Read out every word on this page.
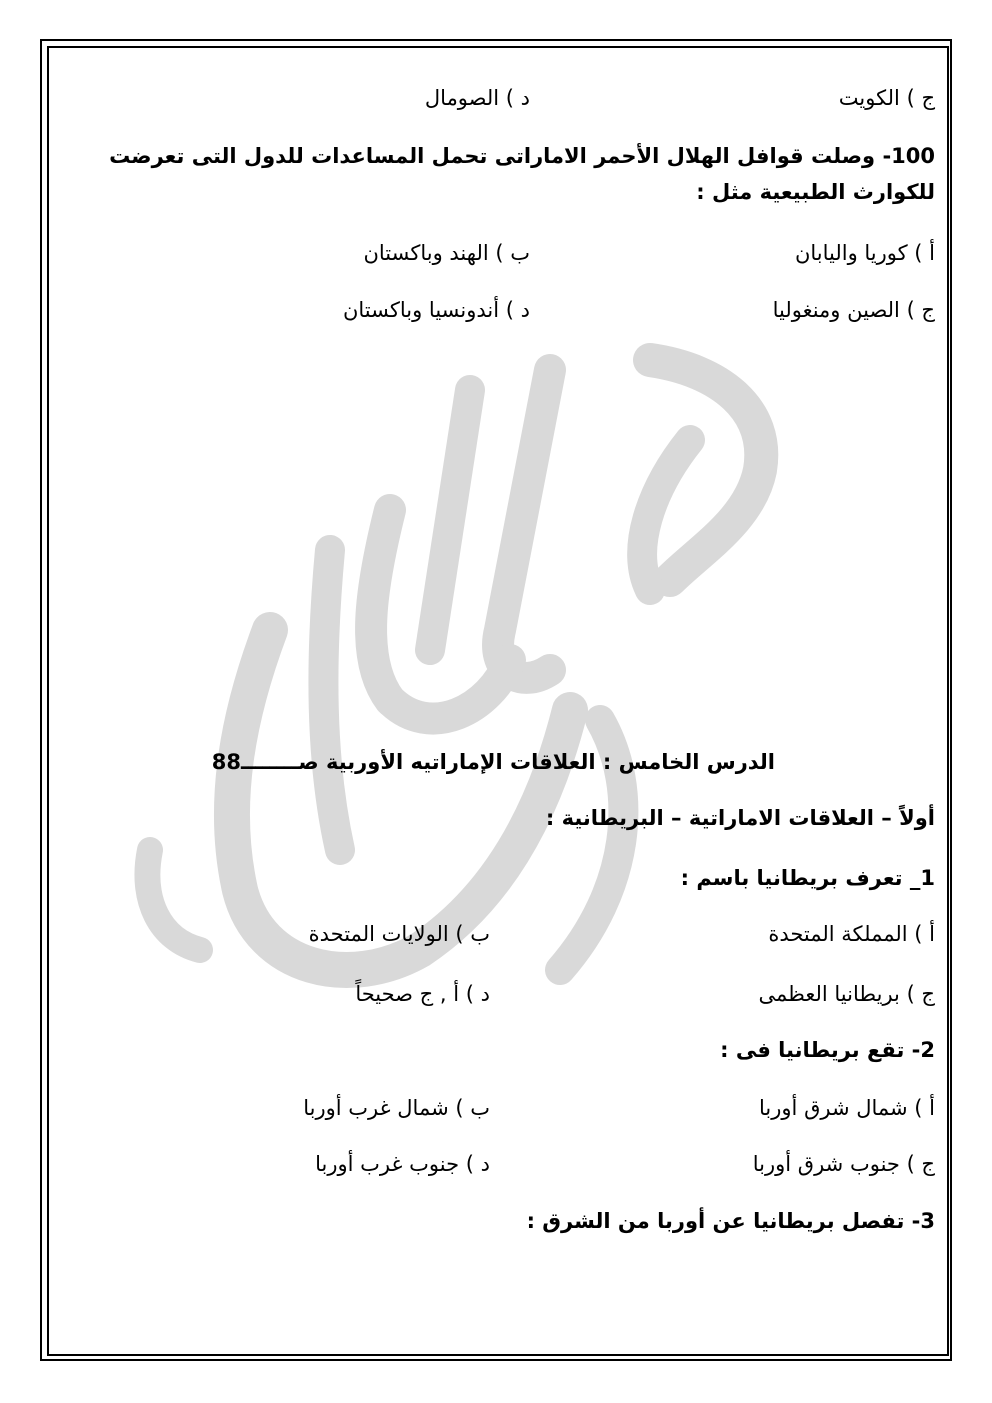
ج ) الكويت
د ) الصومال
100- وصلت قوافل الهلال الأحمر الاماراتى تحمل المساعدات للدول التى تعرضت للكوارث الطبيعية مثل :
أ ) كوريا واليابان
ب ) الهند وباكستان
ج ) الصين ومنغوليا
د ) أندونسيا وباكستان
الدرس الخامس : العلاقات الإماراتيه الأوربية صــــــــ88
أولاً – العلاقات الاماراتية – البريطانية :
1_ تعرف بريطانيا باسم :
أ ) المملكة المتحدة
ب ) الولايات المتحدة
ج ) بريطانيا العظمى
د ) أ , ج صحيحاً
2- تقع بريطانيا فى :
أ ) شمال شرق أوربا
ب ) شمال غرب أوربا
ج ) جنوب شرق أوربا
د ) جنوب غرب أوربا
3- تفصل بريطانيا عن أوربا من الشرق :
